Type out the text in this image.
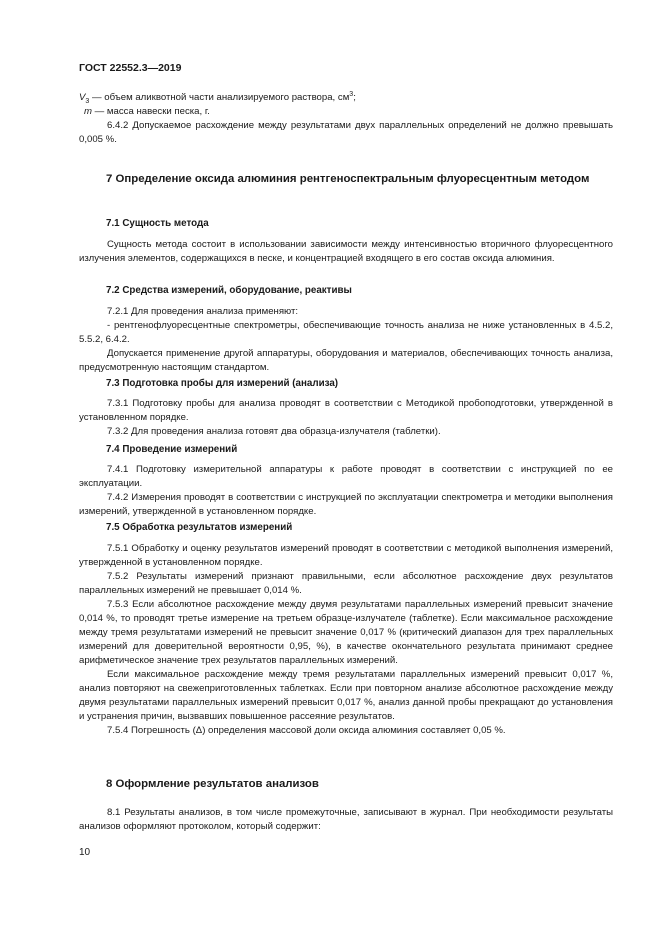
ГОСТ 22552.3—2019

$V_3$ — объем аликвотной части анализируемого раствора, $см^3$;

m — масса навески песка, г.

6.4.2 Допускаемое расхождение между результатами двух параллельных определений не должно превышать 0,005 %.

7 Определение оксида алюминия рентгеноспектральным флуоресцентным методом
7.1 Сущность метода

Сущность метода состоит в использовании зависимости между интенсивностью вторичного флуоресцентного излучения элементов, содержащихся в песке, и концентрацией входящего в его состав оксида алюминия.

7.2 Средства измерений, оборудование, реактивы

7.2.1 Для проведения анализа применяют:

- рентгенофлуоресцентные спектрометры, обеспечивающие точность анализа не ниже установленных в 4.5.2, 5.5.2, 6.4.2.

Допускается применение другой аппаратуры, оборудования и материалов, обеспечивающих точность анализа, предусмотренную настоящим стандартом.

7.3 Подготовка пробы для измерений (анализа)

7.3.1 Подготовку пробы для анализа проводят в соответствии с Методикой пробоподготовки, утвержденной в установленном порядке.

7.3.2 Для проведения анализа готовят два образца-излучателя (таблетки).

7.4 Проведение измерений

7.4.1 Подготовку измерительной аппаратуры к работе проводят в соответствии с инструкцией по ее эксплуатации.

7.4.2 Измерения проводят в соответствии с инструкцией по эксплуатации спектрометра и методики выполнения измерений, утвержденной в установленном порядке.

7.5 Обработка результатов измерений

7.5.1 Обработку и оценку результатов измерений проводят в соответствии с методикой выполнения измерений, утвержденной в установленном порядке.

7.5.2 Результаты измерений признают правильными, если абсолютное расхождение двух результатов параллельных измерений не превышает 0,014 %.

7.5.3 Если абсолютное расхождение между двумя результатами параллельных измерений превысит значение 0,014 %, то проводят третье измерение на третьем образце-излучателе (таблетке). Если максимальное расхождение между тремя результатами измерений не превысит значение 0,017 % (критический диапазон для трех параллельных измерений для доверительной вероятности 0,95, %), в качестве окончательного результата принимают среднее арифметическое значение трех результатов параллельных измерений.

Если максимальное расхождение между тремя результатами параллельных измерений превысит 0,017 %, анализ повторяют на свежеприготовленных таблетках. Если при повторном анализе абсолютное расхождение между двумя результатами параллельных измерений превысит 0,017 %, анализ данной пробы прекращают до установления и устранения причин, вызвавших повышенное рассеяние результатов.

7.5.4 Погрешность (Δ) определения массовой доли оксида алюминия составляет 0,05 %.

8 Оформление результатов анализов

8.1 Результаты анализов, в том числе промежуточные, записывают в журнал. При необходимости результаты анализов оформляют протоколом, который содержит:

10
